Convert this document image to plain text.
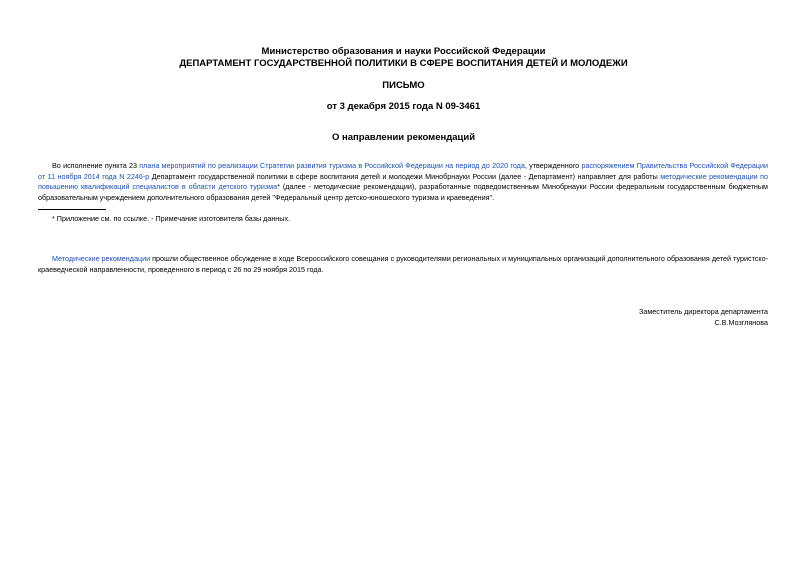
Министерство образования и науки Российской Федерации
ДЕПАРТАМЕНТ ГОСУДАРСТВЕННОЙ ПОЛИТИКИ В СФЕРЕ ВОСПИТАНИЯ ДЕТЕЙ И МОЛОДЕЖИ
ПИСЬМО
от 3 декабря 2015 года N 09-3461
О направлении рекомендаций
Во исполнение пункта 23 плана мероприятий по реализации Стратегии развития туризма в Российской Федерации на период до 2020 года, утвержденного распоряжением Правительства Российской Федерации от 11 ноября 2014 года N 2246-р Департамент государственной политики в сфере воспитания детей и молодежи Минобрнауки России (далее - Департамент) направляет для работы методические рекомендации по повышению квалификаций специалистов в области детского туризма* (далее - методические рекомендации), разработанные подведомственным Минобрнауки России федеральным государственным бюджетным образовательным учреждением дополнительного образования детей "Федеральный центр детско-юношеского туризма и краеведения".
* Приложение см. по ссылке. - Примечание изготовителя базы данных.
Методические рекомендации прошли общественное обсуждение в ходе Всероссийского совещания с руководителями региональных и муниципальных организаций дополнительного образования детей туристско-краеведческой направленности, проведенного в период с 26 по 29 ноября 2015 года.
Заместитель директора департамента
С.В.Мозглянова
